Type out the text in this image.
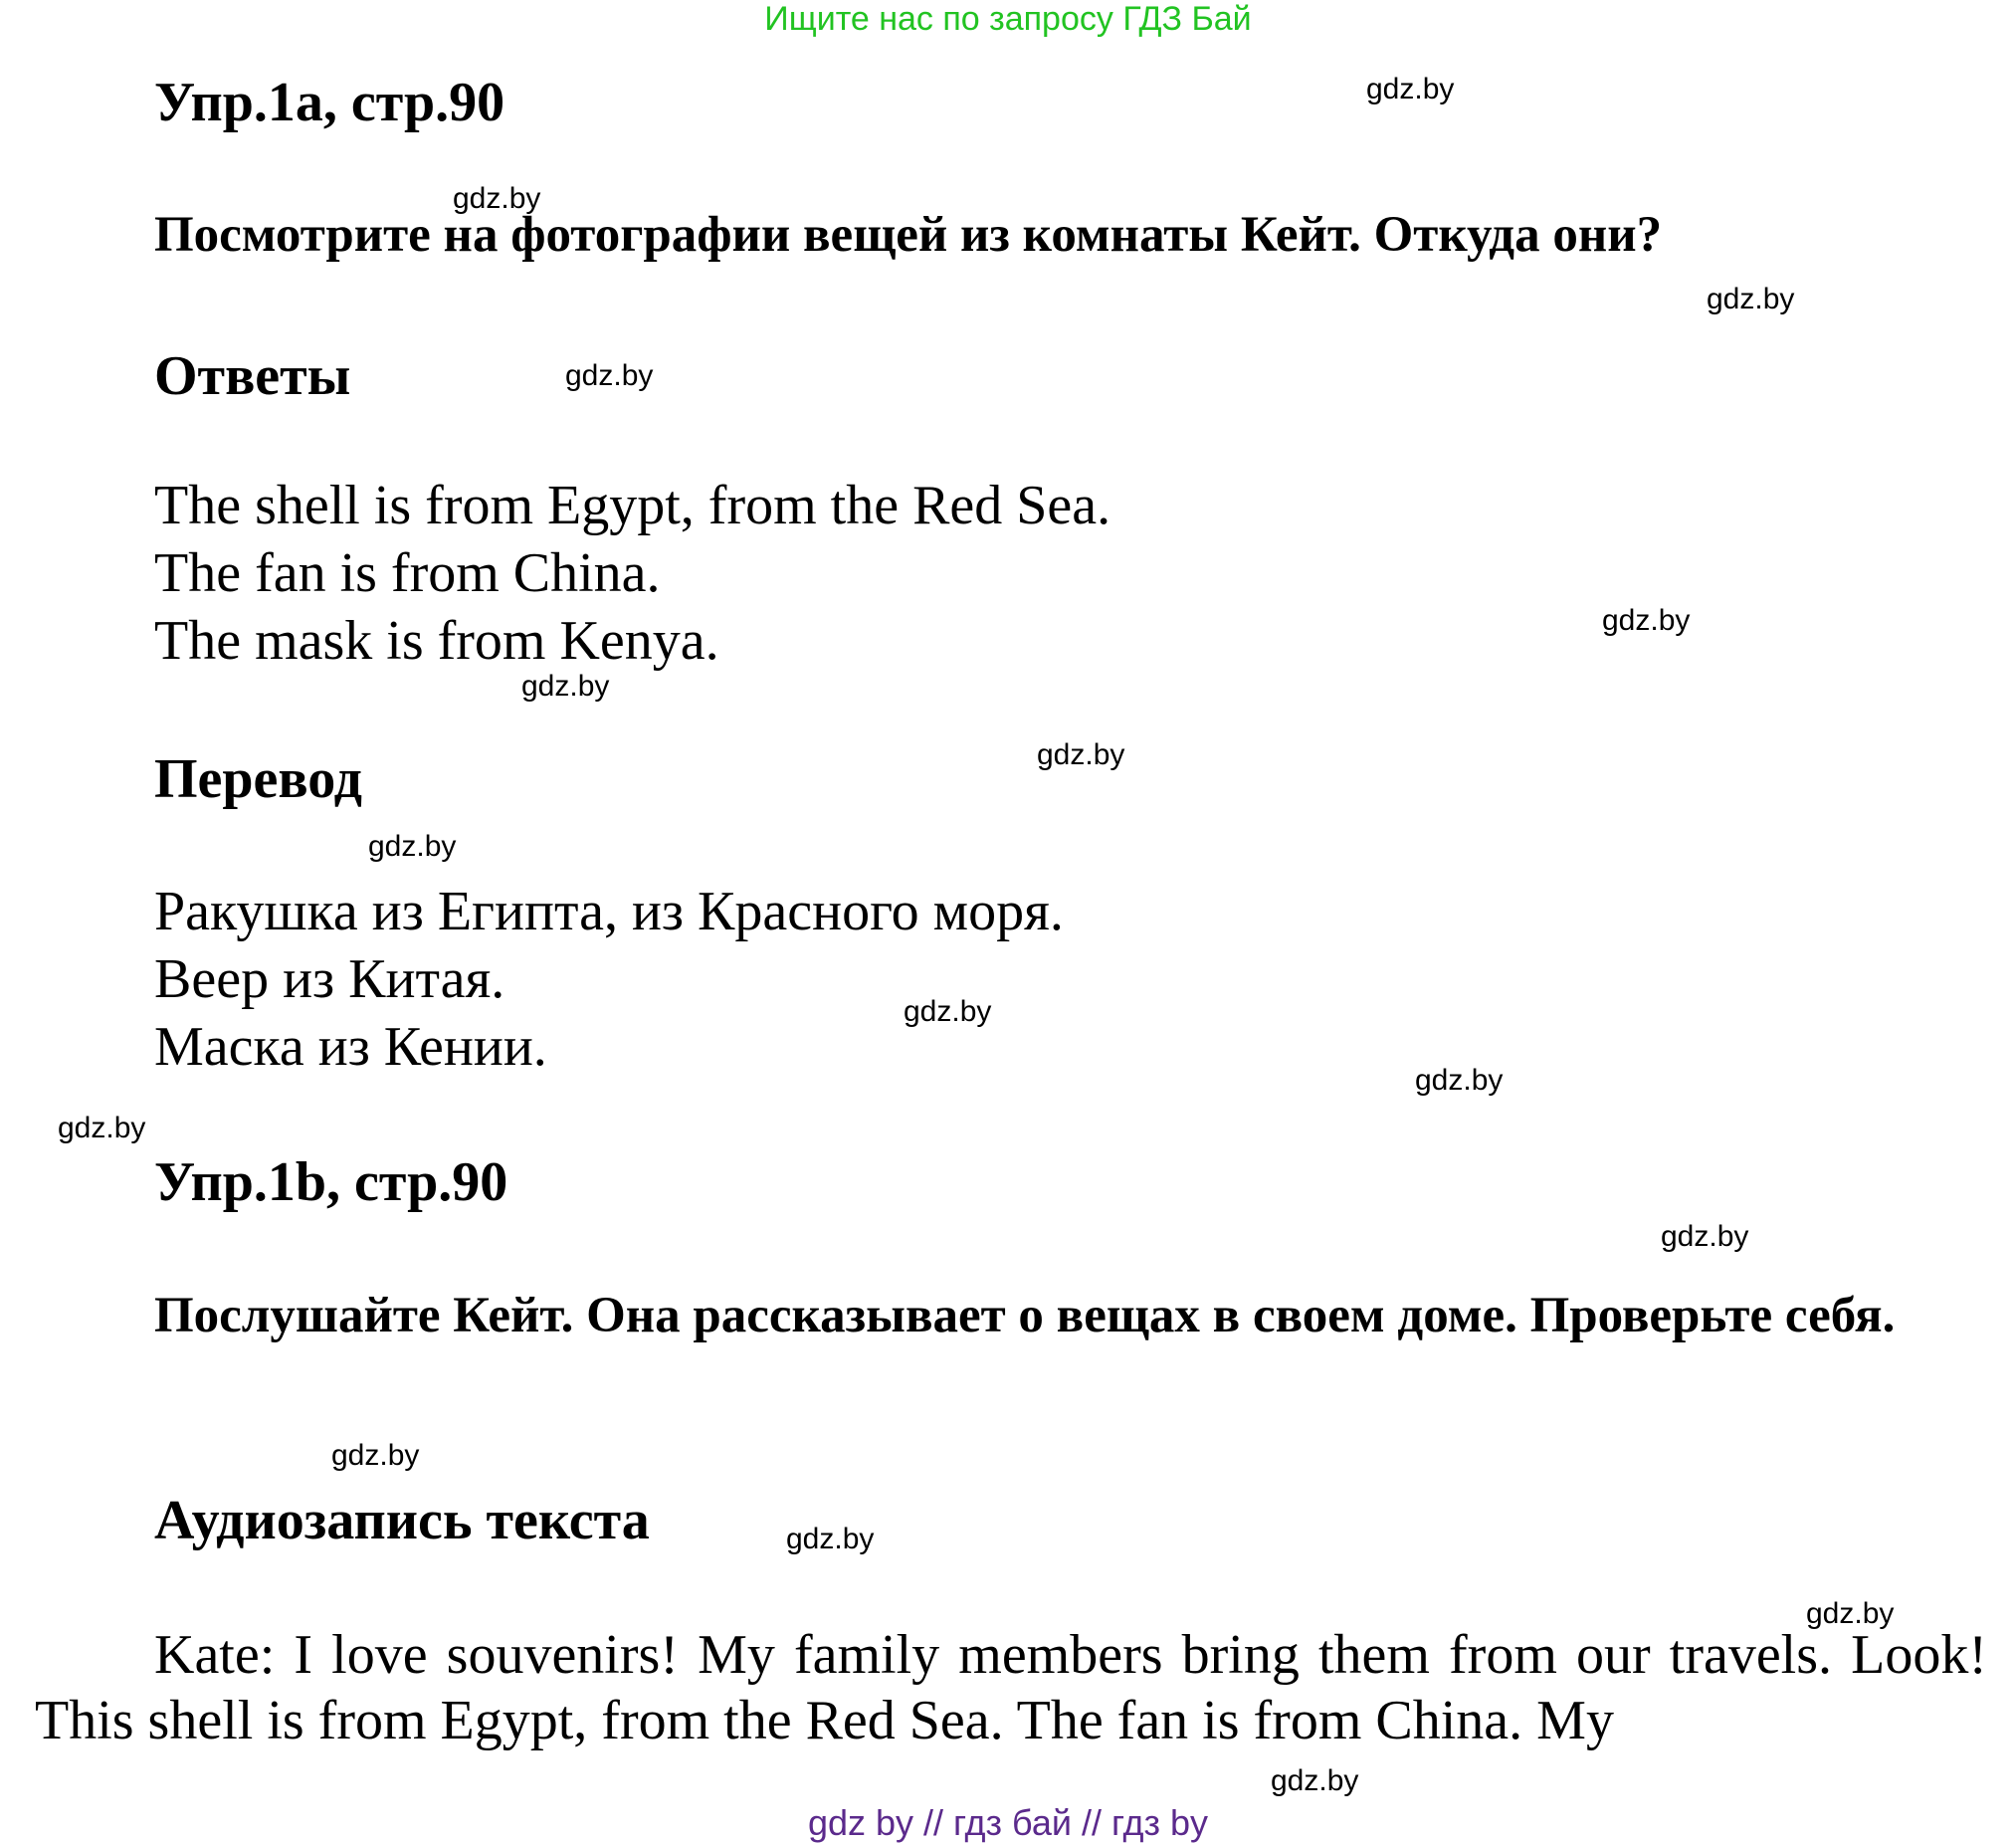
Ищите нас по запросу ГДЗ Бай
Упр.1a, стр.90
Посмотрите на фотографии вещей из комнаты Кейт. Откуда они?
Ответы
The shell is from Egypt, from the Red Sea.
The fan is from China.
The mask is from Kenya.
Перевод
Ракушка из Египта, из Красного моря.
Веер из Китая.
Маска из Кении.
Упр.1b, стр.90
Послушайте Кейт. Она рассказывает о вещах в своем доме. Проверьте себя.
Аудиозапись текста
Kate: I love souvenirs! My family members bring them from our travels. Look! This shell is from Egypt, from the Red Sea. The fan is from China. My
gdz.by
gdz.by
gdz.by
gdz.by
gdz.by
gdz.by
gdz.by
gdz.by
gdz.by
gdz.by
gdz.by
gdz.by
gdz.by
gdz.by
gdz.by
gdz.by
gdz by // гдз бай // гдз by
